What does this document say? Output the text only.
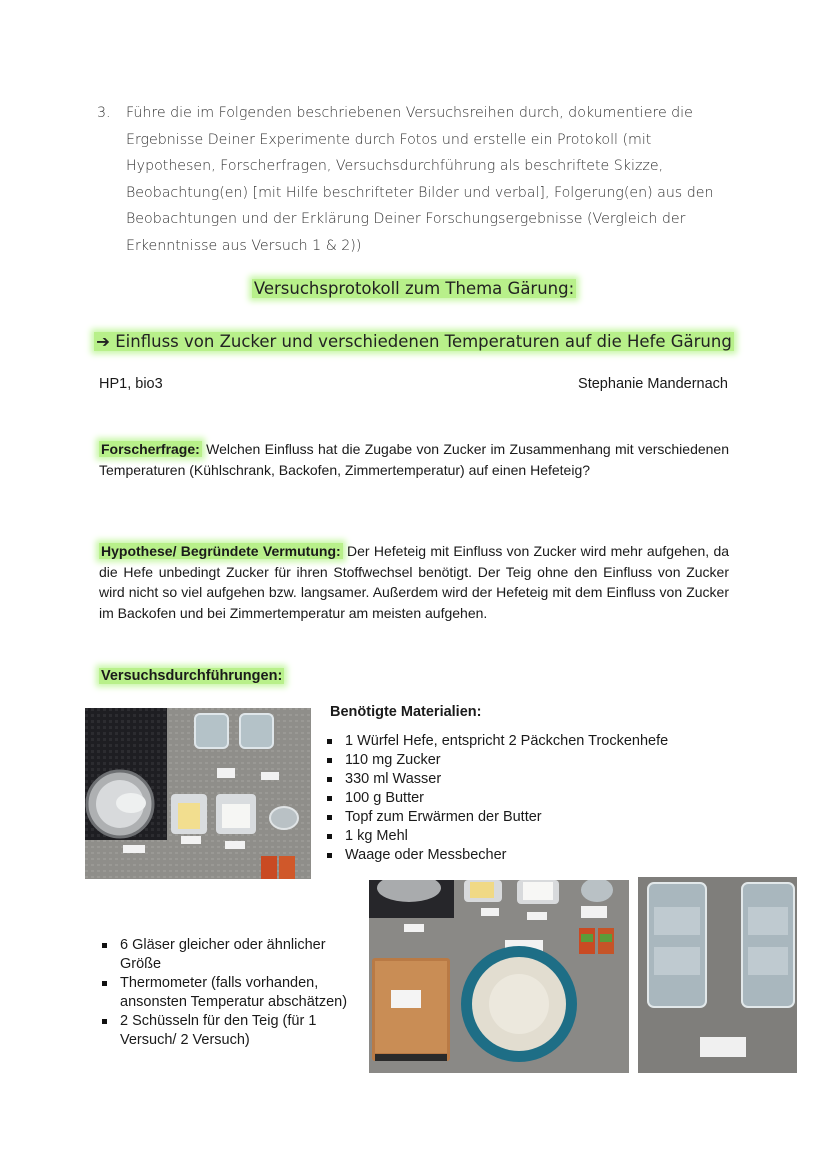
3.	Führe die im Folgenden beschriebenen Versuchsreihen durch, dokumentiere die Ergebnisse Deiner Experimente durch Fotos und erstelle ein Protokoll (mit Hypothesen, Forscherfragen, Versuchsdurchführung als beschriftete Skizze, Beobachtung(en) [mit Hilfe beschrifteter Bilder und verbal], Folgerung(en) aus den Beobachtungen und der Erklärung Deiner Forschungsergebnisse (Vergleich der Erkenntnisse aus Versuch 1 & 2))
Versuchsprotokoll zum Thema Gärung:
➔ Einfluss von Zucker und verschiedenen Temperaturen auf die Hefe Gärung
HP1, bio3	Stephanie Mandernach
Forscherfrage: Welchen Einfluss hat die Zugabe von Zucker im Zusammenhang mit verschiedenen Temperaturen (Kühlschrank, Backofen, Zimmertemperatur) auf einen Hefeteig?
Hypothese/ Begründete Vermutung: Der Hefeteig mit Einfluss von Zucker wird mehr aufgehen, da die Hefe unbedingt Zucker für ihren Stoffwechsel benötigt. Der Teig ohne den Einfluss von Zucker wird nicht so viel aufgehen bzw. langsamer. Außerdem wird der Hefeteig mit dem Einfluss von Zucker im Backofen und bei Zimmertemperatur am meisten aufgehen.
Versuchsdurchführungen:
Benötigte Materialien:
1 Würfel Hefe, entspricht 2 Päckchen Trockenhefe
110 mg Zucker
330 ml Wasser
100 g Butter
Topf zum Erwärmen der Butter
1 kg Mehl
Waage oder Messbecher
6 Gläser gleicher oder ähnlicher Größe
Thermometer (falls vorhanden, ansonsten Temperatur abschätzen)
2 Schüsseln für den Teig (für 1 Versuch/ 2 Versuch)
